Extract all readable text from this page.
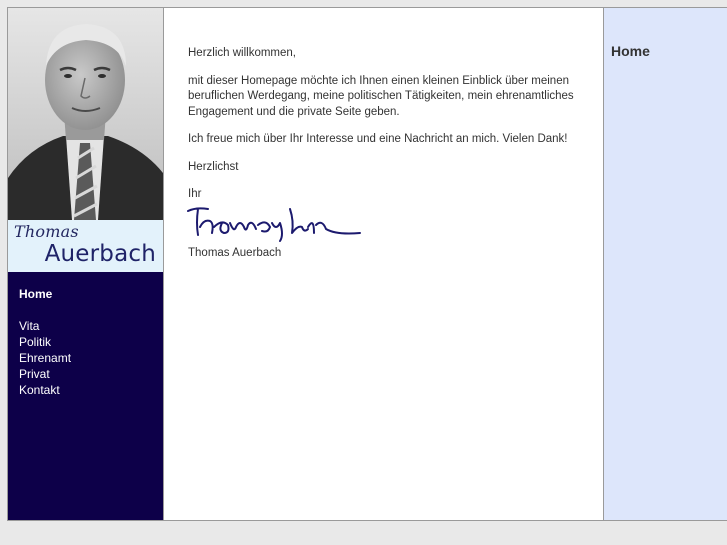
Thomas
Auerbach
Home
Vita
Politik
Ehrenamt
Privat
Kontakt

Herzlich willkommen,

mit dieser Homepage möchte ich Ihnen einen kleinen Einblick über meinen beruflichen Werdegang, meine politischen Tätigkeiten, mein ehrenamtliches Engagement und die private Seite geben.

Ich freue mich über Ihr Interesse und eine Nachricht an mich. Vielen Dank!

Herzlichst

Ihr

Thomas Auerbach

Home
